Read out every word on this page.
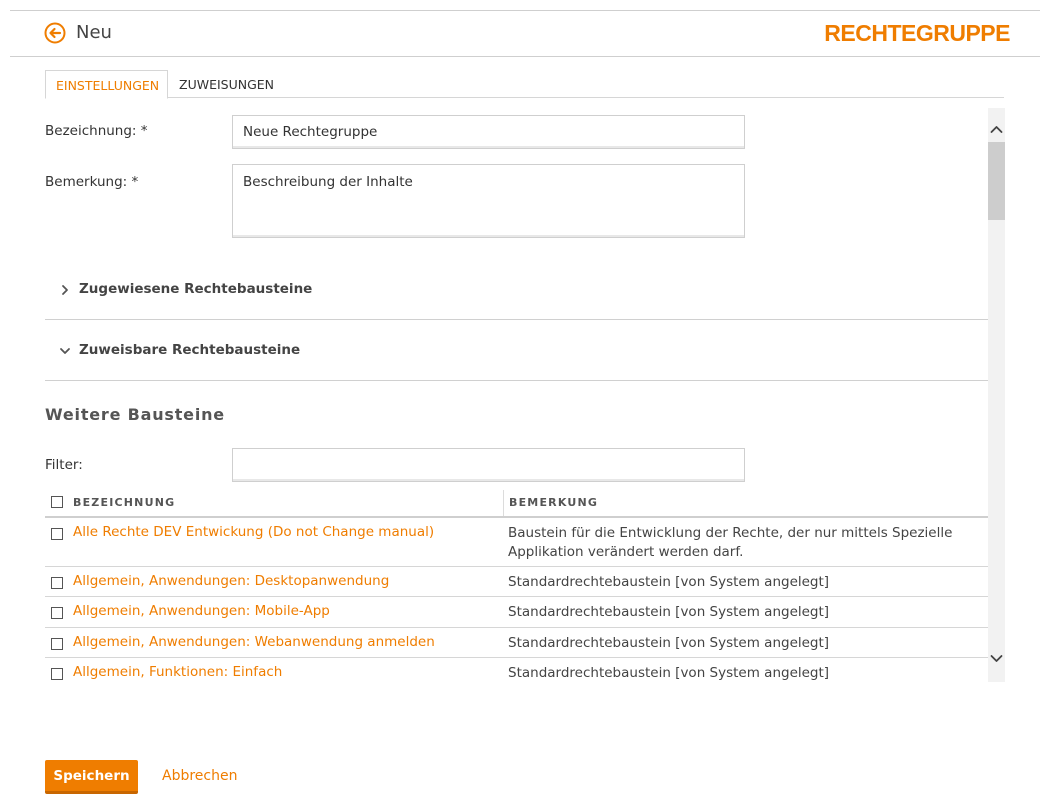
Neu	RECHTEGRUPPE
EINSTELLUNGEN	ZUWEISUNGEN
Bezeichnung: *
Neue Rechtegruppe
Bemerkung: *
Beschreibung der Inhalte
Zugewiesene Rechtebausteine
Zuweisbare Rechtebausteine
Weitere Bausteine
Filter:
BEZEICHNUNG	BEMERKUNG
Alle Rechte DEV Entwickung (Do not Change manual)	Baustein für die Entwicklung der Rechte, der nur mittels Spezielle Applikation verändert werden darf.
Allgemein, Anwendungen: Desktopanwendung	Standardrechtebaustein [von System angelegt]
Allgemein, Anwendungen: Mobile-App	Standardrechtebaustein [von System angelegt]
Allgemein, Anwendungen: Webanwendung anmelden	Standardrechtebaustein [von System angelegt]
Allgemein, Funktionen: Einfach	Standardrechtebaustein [von System angelegt]
Speichern	Abbrechen
